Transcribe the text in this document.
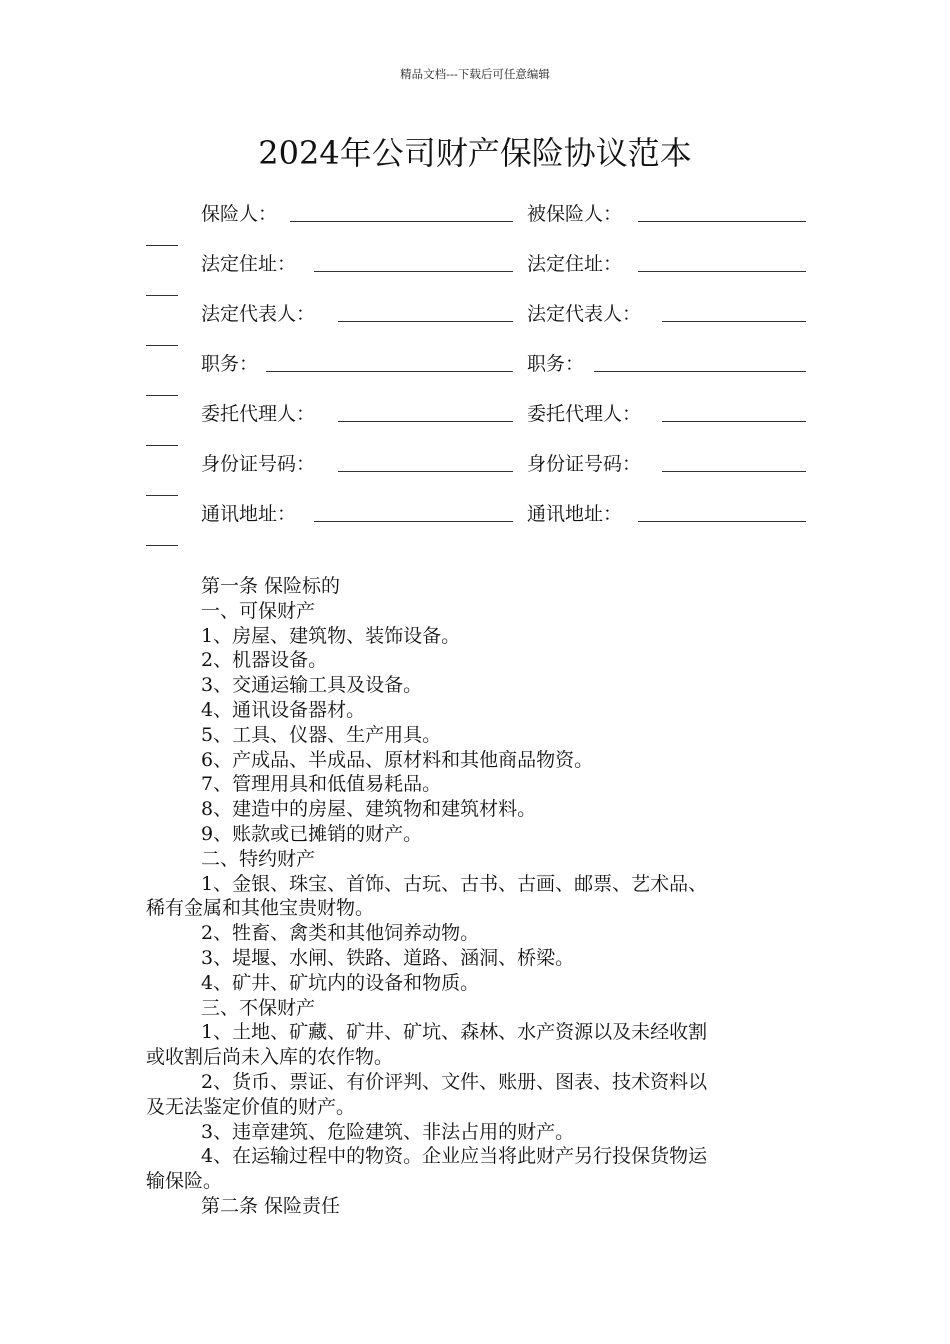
精品文档---下载后可任意编辑
2024年公司财产保险协议范本
保险人：	被保险人：
法定住址：	法定住址：
法定代表人：	法定代表人：
职务：	职务：
委托代理人：	委托代理人：
身份证号码：	身份证号码：
通讯地址：	通讯地址：
第一条 保险标的
一、可保财产
1、房屋、建筑物、装饰设备。
2、机器设备。
3、交通运输工具及设备。
4、通讯设备器材。
5、工具、仪器、生产用具。
6、产成品、半成品、原材料和其他商品物资。
7、管理用具和低值易耗品。
8、建造中的房屋、建筑物和建筑材料。
9、账款或已摊销的财产。
二、特约财产
1、金银、珠宝、首饰、古玩、古书、古画、邮票、艺术品、
稀有金属和其他宝贵财物。
2、牲畜、禽类和其他饲养动物。
3、堤堰、水闸、铁路、道路、涵洞、桥梁。
4、矿井、矿坑内的设备和物质。
三、不保财产
1、土地、矿藏、矿井、矿坑、森林、水产资源以及未经收割
或收割后尚未入库的农作物。
2、货币、票证、有价评判、文件、账册、图表、技术资料以
及无法鉴定价值的财产。
3、违章建筑、危险建筑、非法占用的财产。
4、在运输过程中的物资。企业应当将此财产另行投保货物运
输保险。
第二条 保险责任
